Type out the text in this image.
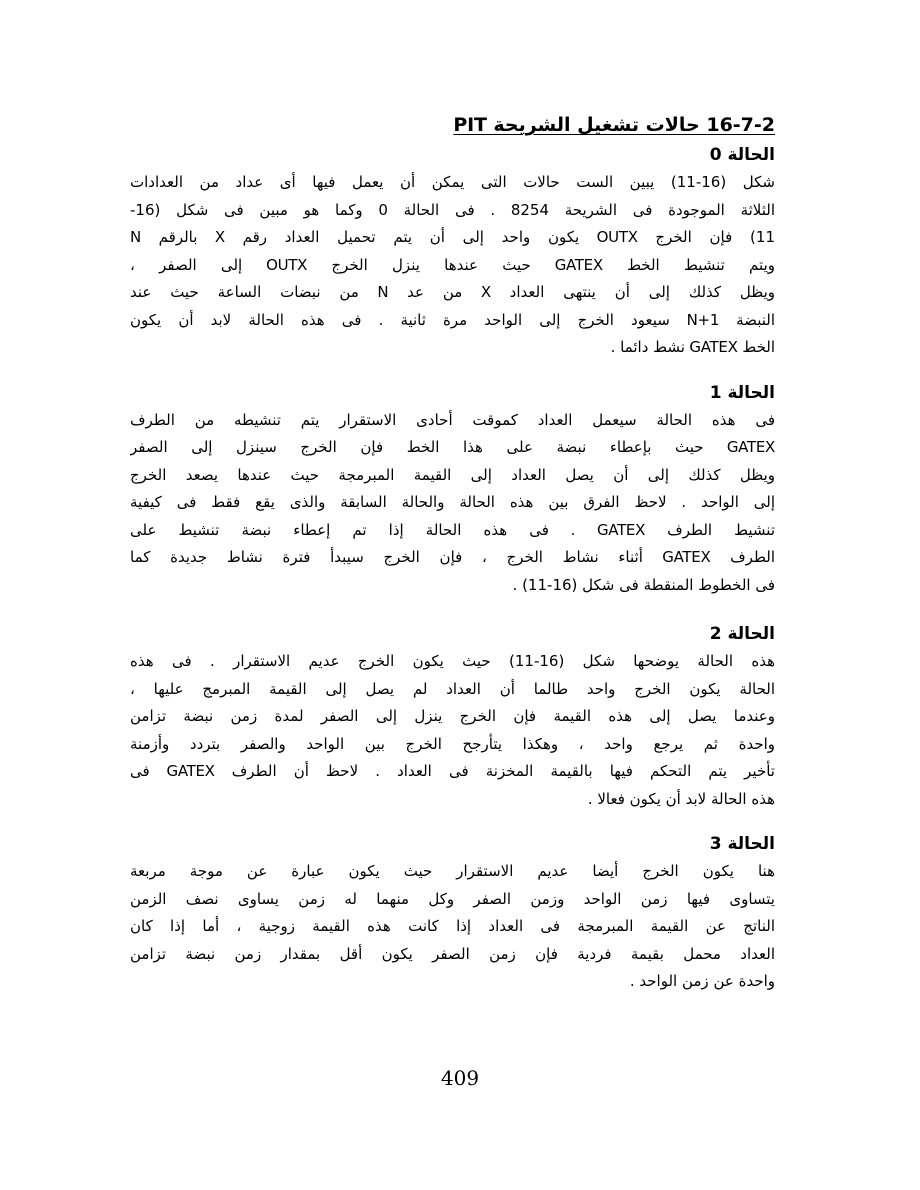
16-7-2 حالات تشغيل الشريحة PIT
الحالة 0
شكل (16-11) يبين الست حالات التى يمكن أن يعمل فيها أى عداد من العدادات
الثلاثة الموجودة فى الشريحة 8254 . فى الحالة 0 وكما هو مبين فى شكل (16-
11) فإن الخرج OUTX يكون واحد إلى أن يتم تحميل العداد رقم X بالرقم N
ويتم تنشيط الخط GATEX حيث عندها ينزل الخرج OUTX إلى الصفر ،
ويظل كذلك إلى أن ينتهى العداد X من عد N من نبضات الساعة حيث عند
النبضة N+1 سيعود الخرج إلى الواحد مرة ثانية . فى هذه الحالة لابد أن يكون
الخط GATEX نشط دائما .
الحالة 1
فى هذه الحالة سيعمل العداد كموقت أحادى الاستقرار يتم تنشيطه من الطرف
GATEX حيث بإعطاء نبضة على هذا الخط فإن الخرج سينزل إلى الصفر
ويظل كذلك إلى أن يصل العداد إلى القيمة المبرمجة حيث عندها يصعد الخرج
إلى الواحد . لاحظ الفرق بين هذه الحالة والحالة السابقة والذى يقع فقط فى كيفية
تنشيط الطرف GATEX . فى هذه الحالة إذا تم إعطاء نبضة تنشيط على
الطرف GATEX أثناء نشاط الخرج ، فإن الخرج سيبدأ فترة نشاط جديدة كما
فى الخطوط المنقطة فى شكل (16-11) .
الحالة 2
هذه الحالة يوضحها شكل (16-11) حيث يكون الخرج عديم الاستقرار . فى هذه
الحالة يكون الخرج واحد طالما أن العداد لم يصل إلى القيمة المبرمج عليها ،
وعندما يصل إلى هذه القيمة فإن الخرج ينزل إلى الصفر لمدة زمن نبضة تزامن
واحدة ثم يرجع واحد ، وهكذا يتأرجح الخرج بين الواحد والصفر بتردد وأزمنة
تأخير يتم التحكم فيها بالقيمة المخزنة فى العداد . لاحظ أن الطرف GATEX فى
هذه الحالة لابد أن يكون فعالا .
الحالة 3
هنا يكون الخرج أيضا عديم الاستقرار حيث يكون عبارة عن موجة مربعة
يتساوى فيها زمن الواحد وزمن الصفر وكل منهما له زمن يساوى نصف الزمن
الناتج عن القيمة المبرمجة فى العداد إذا كانت هذه القيمة زوجية ، أما إذا كان
العداد محمل بقيمة فردية فإن زمن الصفر يكون أقل بمقدار زمن نبضة تزامن
واحدة عن زمن الواحد .
409
